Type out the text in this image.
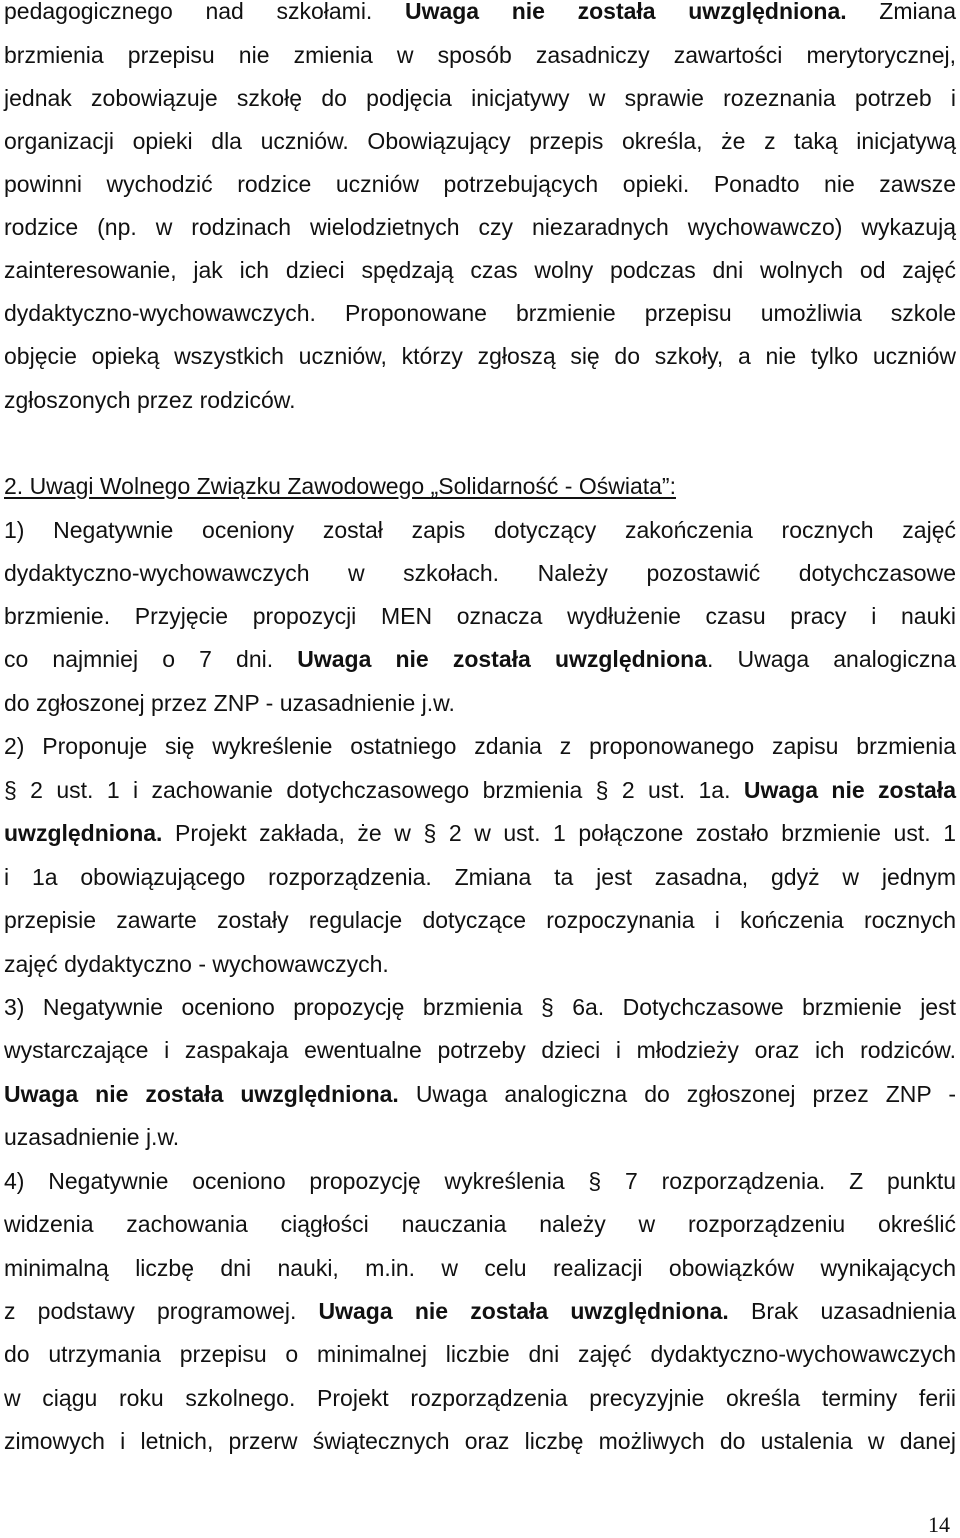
pedagogicznego nad szkołami. Uwaga nie została uwzględniona. Zmiana
brzmienia przepisu nie zmienia w sposób zasadniczy zawartości merytorycznej,
jednak zobowiązuje szkołę do podjęcia inicjatywy w sprawie rozeznania potrzeb i
organizacji opieki dla uczniów. Obowiązujący przepis określa, że z taką inicjatywą
powinni wychodzić rodzice uczniów potrzebujących opieki. Ponadto nie zawsze
rodzice (np. w rodzinach wielodzietnych czy niezaradnych wychowawczo) wykazują
zainteresowanie, jak ich dzieci spędzają czas wolny podczas dni wolnych od zajęć
dydaktyczno-wychowawczych. Proponowane brzmienie przepisu umożliwia szkole
objęcie opieką wszystkich uczniów, którzy zgłoszą się do szkoły, a nie tylko uczniów
zgłoszonych przez rodziców.
2. Uwagi Wolnego Związku Zawodowego „Solidarność - Oświata”:
1) Negatywnie oceniony został zapis dotyczący zakończenia rocznych zajęć
dydaktyczno-wychowawczych w szkołach. Należy pozostawić dotychczasowe
brzmienie. Przyjęcie propozycji MEN oznacza wydłużenie czasu pracy i nauki
co najmniej o 7 dni. Uwaga nie została uwzględniona. Uwaga analogiczna
do zgłoszonej przez ZNP - uzasadnienie j.w.
2) Proponuje się wykreślenie ostatniego zdania z proponowanego zapisu brzmienia
§ 2 ust. 1 i zachowanie dotychczasowego brzmienia § 2 ust. 1a. Uwaga nie została
uwzględniona. Projekt zakłada, że w § 2 w ust. 1 połączone zostało brzmienie ust. 1
i 1a obowiązującego rozporządzenia. Zmiana ta jest zasadna, gdyż w jednym
przepisie zawarte zostały regulacje dotyczące rozpoczynania i kończenia rocznych
zajęć dydaktyczno - wychowawczych.
3) Negatywnie oceniono propozycję brzmienia § 6a. Dotychczasowe brzmienie jest
wystarczające i zaspakaja ewentualne potrzeby dzieci i młodzieży oraz ich rodziców.
Uwaga nie została uwzględniona. Uwaga analogiczna do zgłoszonej przez ZNP -
uzasadnienie j.w.
4) Negatywnie oceniono propozycję wykreślenia § 7 rozporządzenia. Z punktu
widzenia zachowania ciągłości nauczania należy w rozporządzeniu określić
minimalną liczbę dni nauki, m.in. w celu realizacji obowiązków wynikających
z podstawy programowej. Uwaga nie została uwzględniona. Brak uzasadnienia
do utrzymania przepisu o minimalnej liczbie dni zajęć dydaktyczno-wychowawczych
w ciągu roku szkolnego. Projekt rozporządzenia precyzyjnie określa terminy ferii
zimowych i letnich, przerw świątecznych oraz liczbę możliwych do ustalenia w danej
14
